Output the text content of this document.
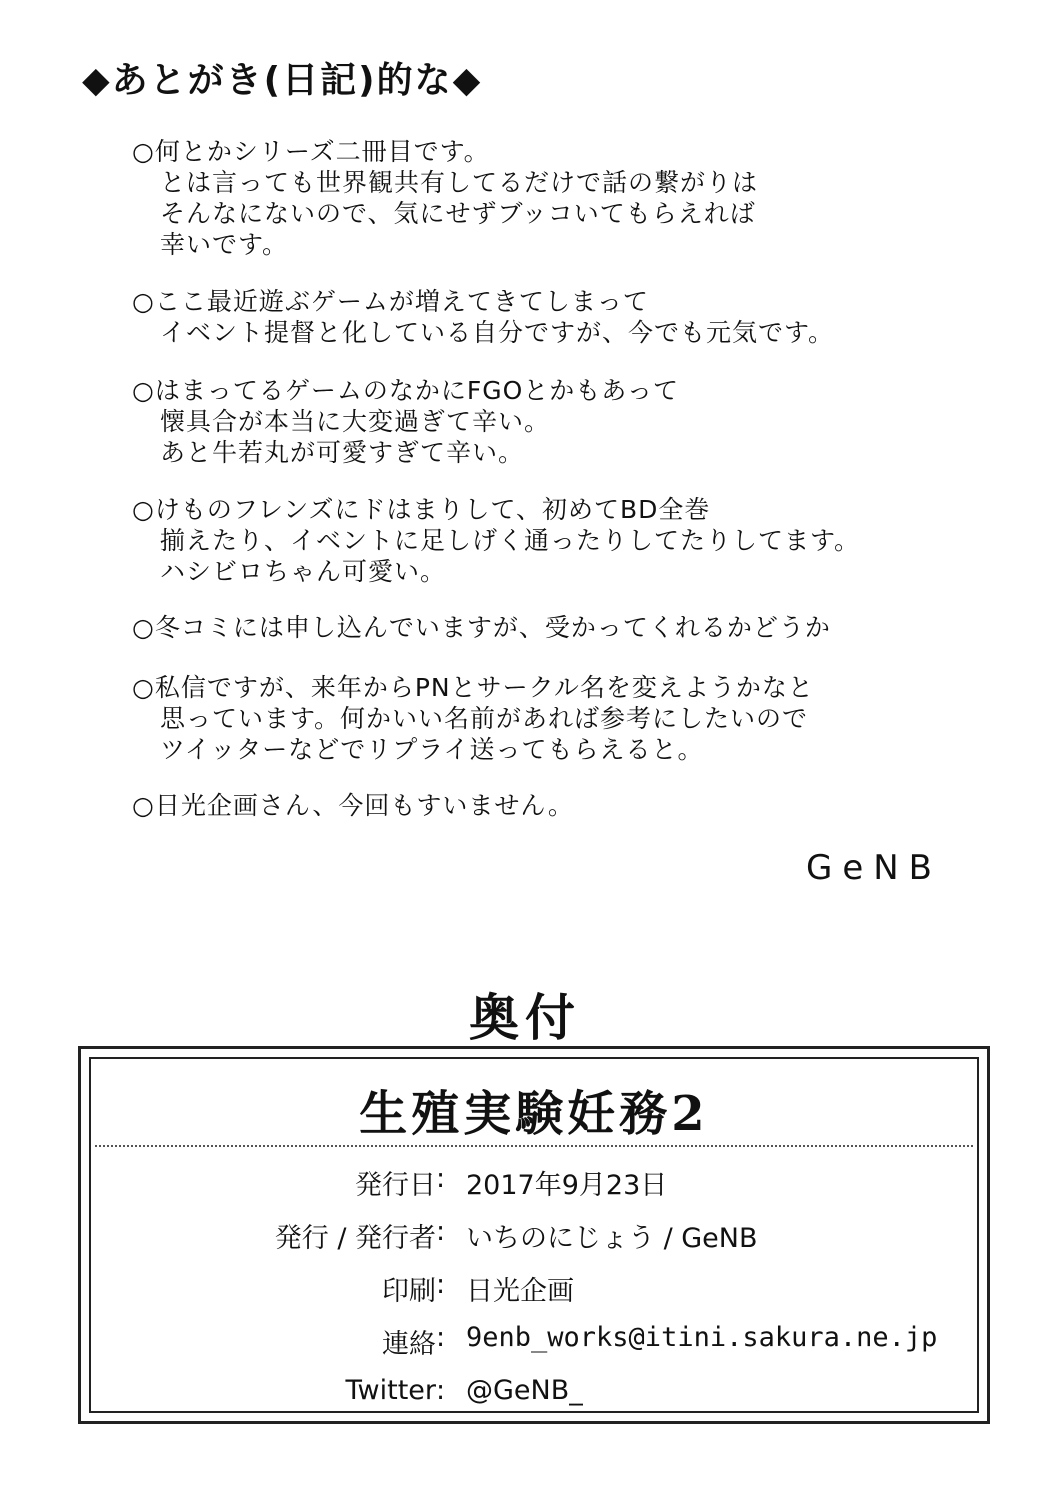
◆あとがき(日記)的な◆
○何とかシリーズ二冊目です。
とは言っても世界観共有してるだけで話の繋がりは
そんなにないので、気にせずブッコいてもらえれば
幸いです。
○ここ最近遊ぶゲームが増えてきてしまって
イベント提督と化している自分ですが、今でも元気です。
○はまってるゲームのなかにFGOとかもあって
懐具合が本当に大変過ぎて辛い。
あと牛若丸が可愛すぎて辛い。
○けものフレンズにドはまりして、初めてBD全巻
揃えたり、イベントに足しげく通ったりしてたりしてます。
ハシビロちゃん可愛い。
○冬コミには申し込んでいますが、受かってくれるかどうか
○私信ですが、来年からPNとサークル名を変えようかなと
思っています。何かいい名前があれば参考にしたいので
ツイッターなどでリプライ送ってもらえると。
○日光企画さん、今回もすいません。
GeNB
奥付
生殖実験妊務2
発行日 : 2017年9月23日
発行 / 発行者 : いちのにじょう / GeNB
印刷 : 日光企画
連絡 : 9enb_works@itini.sakura.ne.jp
Twitter : @GeNB_
